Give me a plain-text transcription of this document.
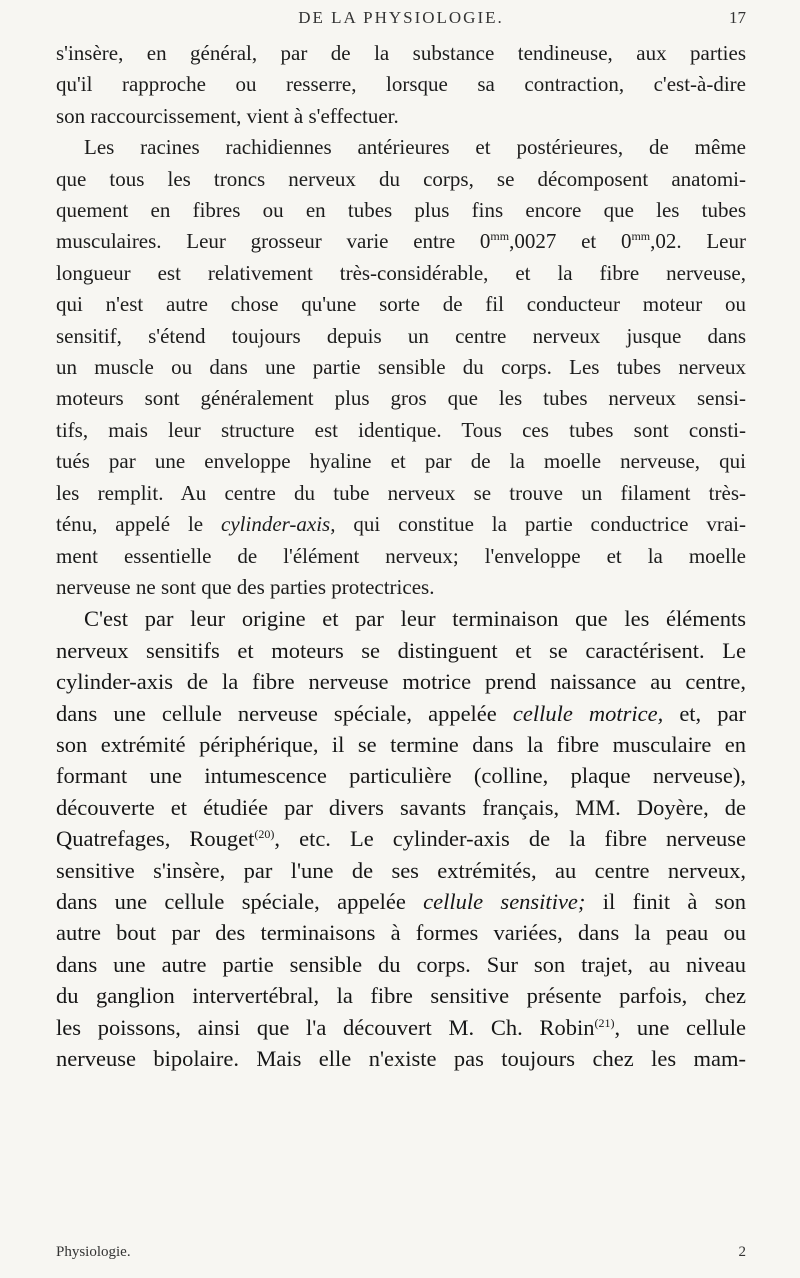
DE LA PHYSIOLOGIE.	17
s'insère, en général, par de la substance tendineuse, aux parties
qu'il rapproche ou resserre, lorsque sa contraction, c'est-à-dire
son raccourcissement, vient à s'effectuer.
Les racines rachidiennes antérieures et postérieures, de même
que tous les troncs nerveux du corps, se décomposent anatomi-
quement en fibres ou en tubes plus fins encore que les tubes
musculaires. Leur grosseur varie entre $0^{mm},0027$ et $0^{mm},02$. Leur
longueur est relativement très-considérable, et la fibre nerveuse,
qui n'est autre chose qu'une sorte de fil conducteur moteur ou
sensitif, s'étend toujours depuis un centre nerveux jusque dans
un muscle ou dans une partie sensible du corps. Les tubes nerveux
moteurs sont généralement plus gros que les tubes nerveux sensi-
tifs, mais leur structure est identique. Tous ces tubes sont consti-
tués par une enveloppe hyaline et par de la moelle nerveuse, qui
les remplit. Au centre du tube nerveux se trouve un filament très-
ténu, appelé le cylinder-axis, qui constitue la partie conductrice vrai-
ment essentielle de l'élément nerveux; l'enveloppe et la moelle
nerveuse ne sont que des parties protectrices.
C'est par leur origine et par leur terminaison que les éléments
nerveux sensitifs et moteurs se distinguent et se caractérisent. Le
cylinder-axis de la fibre nerveuse motrice prend naissance au centre,
dans une cellule nerveuse spéciale, appelée cellule motrice, et, par
son extrémité périphérique, il se termine dans la fibre musculaire en
formant une intumescence particulière (colline, plaque nerveuse),
découverte et étudiée par divers savants français, MM. Doyère, de
Quatrefages, Rouget$^{(20)}$, etc. Le cylinder-axis de la fibre nerveuse
sensitive s'insère, par l'une de ses extrémités, au centre nerveux,
dans une cellule spéciale, appelée cellule sensitive; il finit à son
autre bout par des terminaisons à formes variées, dans la peau ou
dans une autre partie sensible du corps. Sur son trajet, au niveau
du ganglion intervertébral, la fibre sensitive présente parfois, chez
les poissons, ainsi que l'a découvert M. Ch. Robin$^{(21)}$, une cellule
nerveuse bipolaire. Mais elle n'existe pas toujours chez les mam-
Physiologie.	2
